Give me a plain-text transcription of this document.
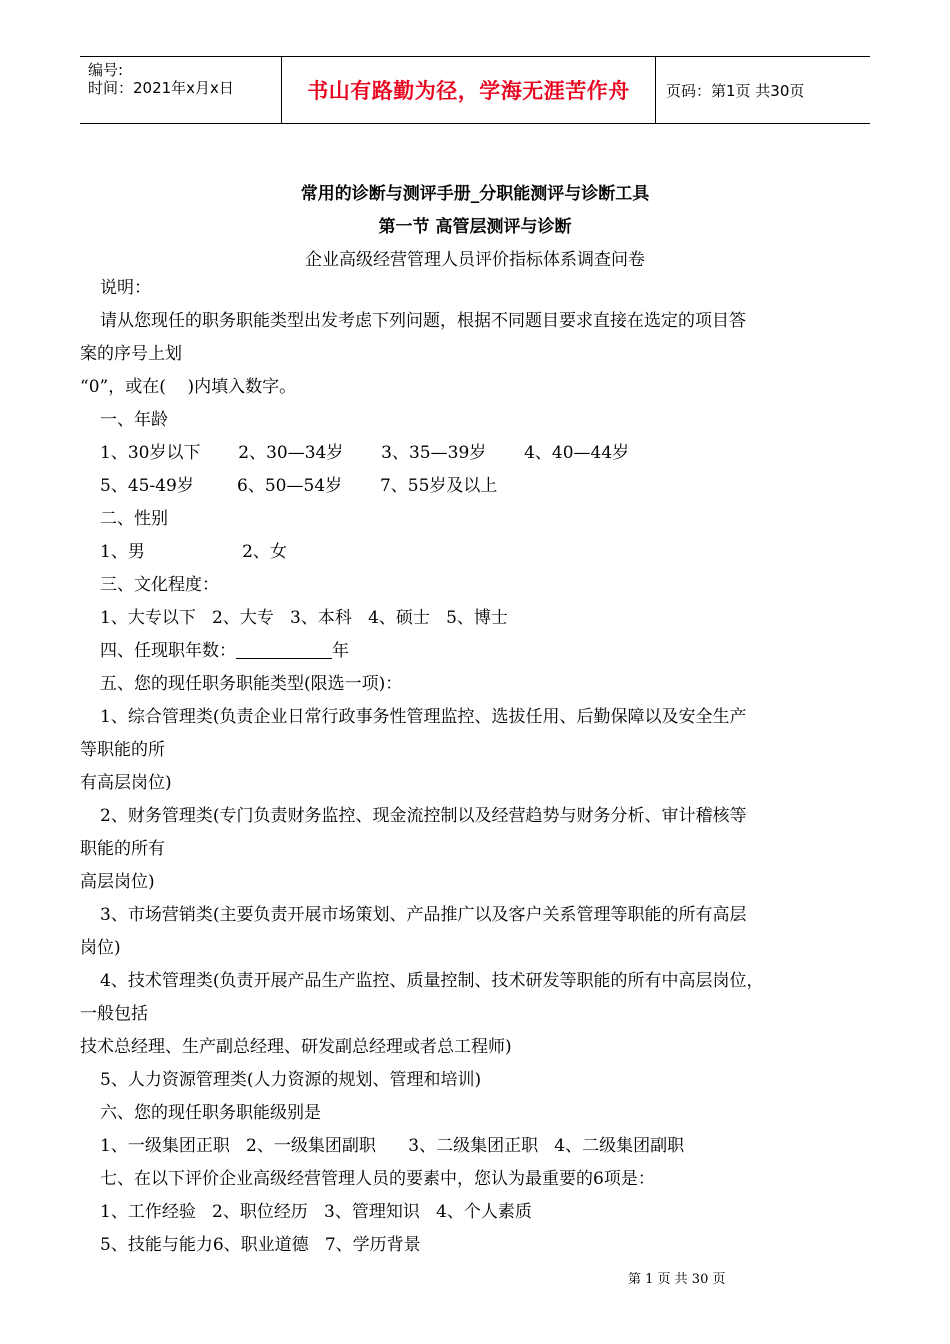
编号:
时间：2021年x月x日	书山有路勤为径，学海无涯苦作舟	页码：第1页 共30页
常用的诊断与测评手册_分职能测评与诊断工具
第一节 高管层测评与诊断
企业高级经营管理人员评价指标体系调查问卷
说明：
请从您现任的职务职能类型出发考虑下列问题，根据不同题目要求直接在选定的项目答
案的序号上划
“0”，或在(    )内填入数字。
一、年龄
1、30岁以下       2、30—34岁       3、35—39岁       4、40—44岁
5、45-49岁        6、50—54岁       7、55岁及以上
二、性别
1、男                  2、女
三、文化程度：
1、大专以下   2、大专   3、本科   4、硕士   5、博士
四、任现职年数：	年
五、您的现任职务职能类型(限选一项)：
1、综合管理类(负责企业日常行政事务性管理监控、选拔任用、后勤保障以及安全生产
等职能的所
有高层岗位)
2、财务管理类(专门负责财务监控、现金流控制以及经营趋势与财务分析、审计稽核等
职能的所有
高层岗位)
3、市场营销类(主要负责开展市场策划、产品推广以及客户关系管理等职能的所有高层
岗位)
4、技术管理类(负责开展产品生产监控、质量控制、技术研发等职能的所有中高层岗位，
一般包括
技术总经理、生产副总经理、研发副总经理或者总工程师)
5、人力资源管理类(人力资源的规划、管理和培训)
六、您的现任职务职能级别是
1、一级集团正职   2、一级集团副职      3、二级集团正职   4、二级集团副职
七、在以下评价企业高级经营管理人员的要素中，您认为最重要的6项是：
1、工作经验   2、职位经历   3、管理知识   4、个人素质
5、技能与能力6、职业道德   7、学历背景
第 1 页 共 30 页
